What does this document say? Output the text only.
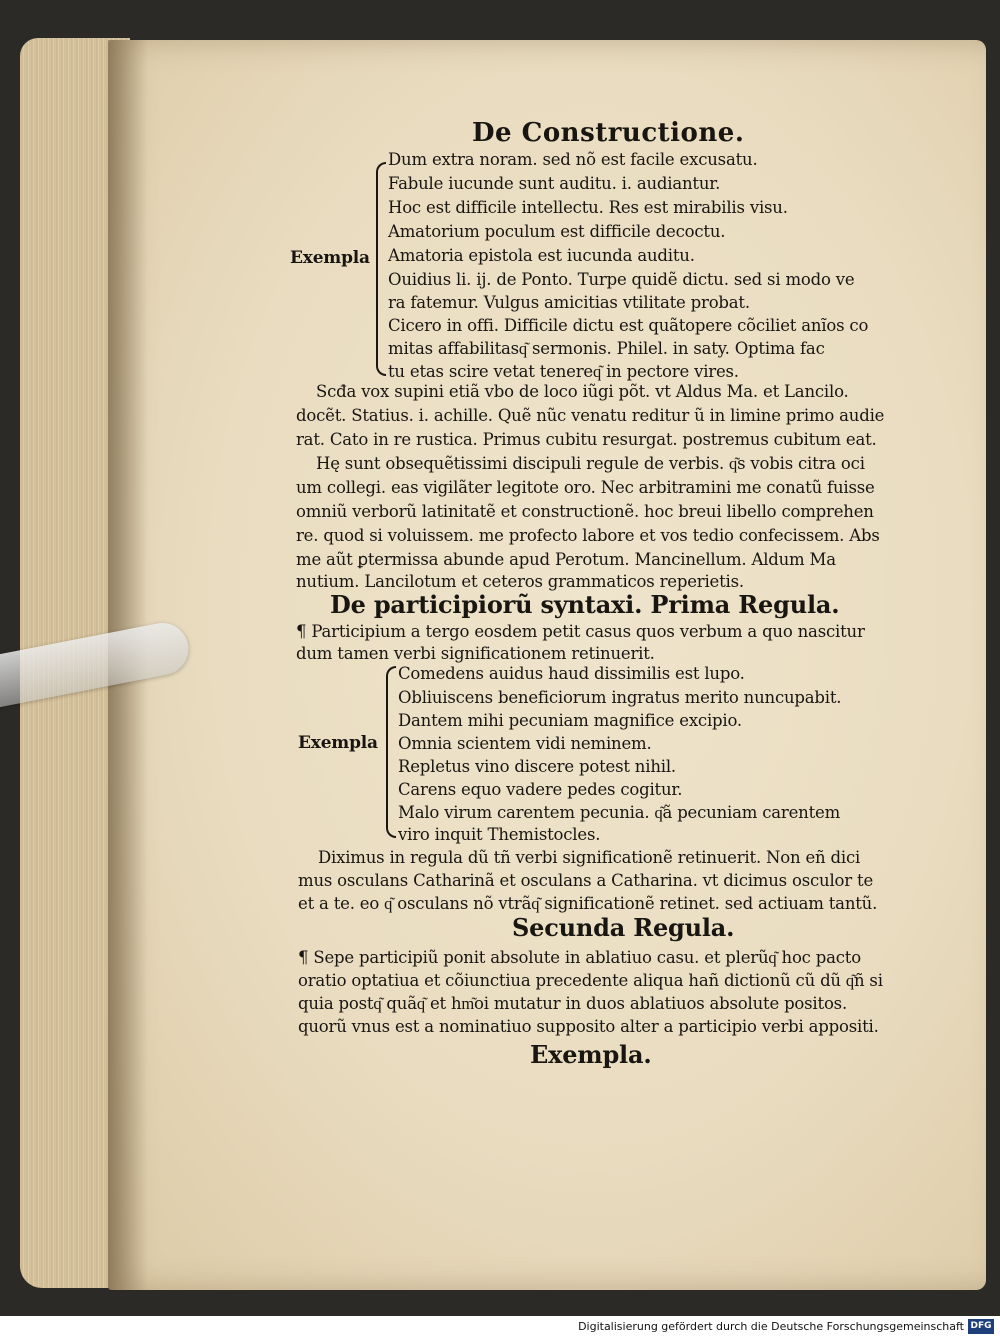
De Constructione.
Exempla
Dum extra noram. sed nõ est facile excusatu.
Fabule iucunde sunt auditu. i. audiantur.
Hoc est difficile intellectu. Res est mirabilis visu.
Amatorium poculum est difficile decoctu.
Amatoria epistola est iucunda auditu.
Ouidius li. ij. de Ponto. Turpe quidẽ dictu. sed si modo ve
ra fatemur. Vulgus amicitias vtilitate probat.
Cicero in offi. Difficile dictu est quãtopere cõciliet anĩos co
mitas affabilitasq͂ sermonis. Philel. in saty. Optima fac
tu etas scire vetat tenereq͂ in pectore vires.
Scđa vox supini etiã vbo de loco iũgi põt. vt Aldus Ma. et Lancilo.
docẽt. Statius. i. achille. Quẽ nũc venatu reditur ũ in limine primo audie
rat. Cato in re rustica. Primus cubitu resurgat. postremus cubitum eat.
Hę sunt obsequẽtissimi discipuli regule de verbis. q͂s vobis citra oci
um collegi. eas vigilãter legitote oro. Nec arbitramini me conatũ fuisse
omniũ verborũ latinitatẽ et constructionẽ. hoc breui libello comprehen
re. quod si voluissem. me profecto labore et vos tedio confecissem. Abs
me aũt ꝑtermissa abunde apud Perotum. Mancinellum. Aldum Ma
nutium. Lancilotum et ceteros grammaticos reperietis.
De participiorũ syntaxi. Prima Regula.
¶ Participium a tergo eosdem petit casus quos verbum a quo nascitur
dum tamen verbi significationem retinuerit.
Exempla
Comedens auidus haud dissimilis est lupo.
Obliuiscens beneficiorum ingratus merito nuncupabit.
Dantem mihi pecuniam magnifice excipio.
Omnia scientem vidi neminem.
Repletus vino discere potest nihil.
Carens equo vadere pedes cogitur.
Malo virum carentem pecunia. q͂ã pecuniam carentem
viro inquit Themistocles.
Diximus in regula dũ tñ verbi significationẽ retinuerit. Non eñ dici
mus osculans Catharinã et osculans a Catharina. vt dicimus osculor te
et a te. eo q͂ osculans nõ vtrãq͂ significationẽ retinet. sed actiuam tantũ.
Secunda Regula.
¶ Sepe participiũ ponit absolute in ablatiuo casu. et plerũq͂ hoc pacto
oratio optatiua et cõiunctiua precedente aliqua hañ dictionũ cũ dũ q͂ñ si
quia postq͂ quãq͂ et hm͂oi mutatur in duos ablatiuos absolute positos.
quorũ vnus est a nominatiuo supposito alter a participio verbi appositi.
Exempla.
Digitalisierung gefördert durch die Deutsche Forschungsgemeinschaft DFG
